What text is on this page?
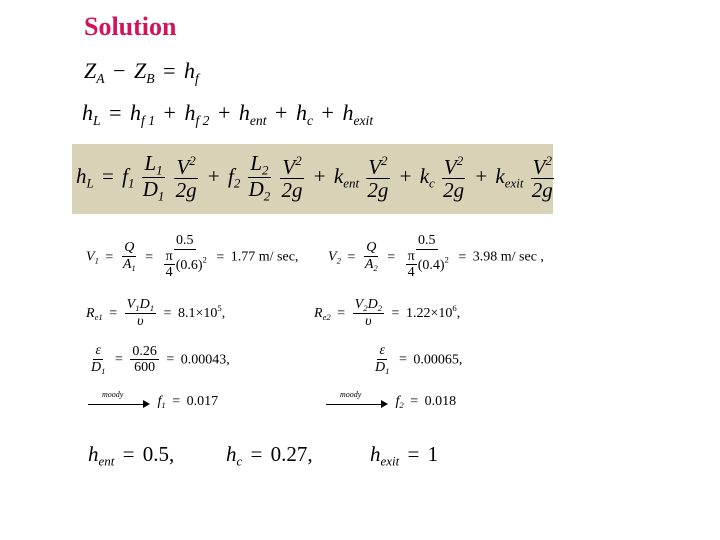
Solution
$Z_A - Z_B = h_f$
$h_L = h_{f 1} + h_{f 2} + h_{ent} + h_c + h_{exit}$
$h_L = f_1 \frac{L_1}{D_1}$
$\frac{V^2}{2g} + f_2 \frac{L_2}{D_2}$
$\frac{V^2}{2g} + k_{ent} \frac{V^2}{2g} + k_c \frac{V^2}{2g} + k_{exit} \frac{V^2}{2g}$
$V_1 = \frac{Q}{A_1} = \frac{0.5}{\frac{\pi}{4} (0.6)^2} = 1.77$ m/ sec, $V_2 = \frac{Q}{A_2} = \frac{0.5}{\frac{\pi}{4} (0.4)^2} = 3.98$ m/ sec ,
$R_{e1} = \frac{V_1D_1}{\upsilon} = 8.1\times 10^5$,	$R_{e2} = \frac{V_2D_2}{\upsilon} = 1.22\times 10^6$,
$\frac{\varepsilon}{D_1} = \frac{0.26}{600} = 0.00043$,	$\frac{\varepsilon}{D_1} = 0.00065$,
moody $f_1 = 0.017$	moody $f_2 = 0.018$
$h_{ent} = 0.5$, $h_c = 0.27$,	$h_{exit} = 1$
